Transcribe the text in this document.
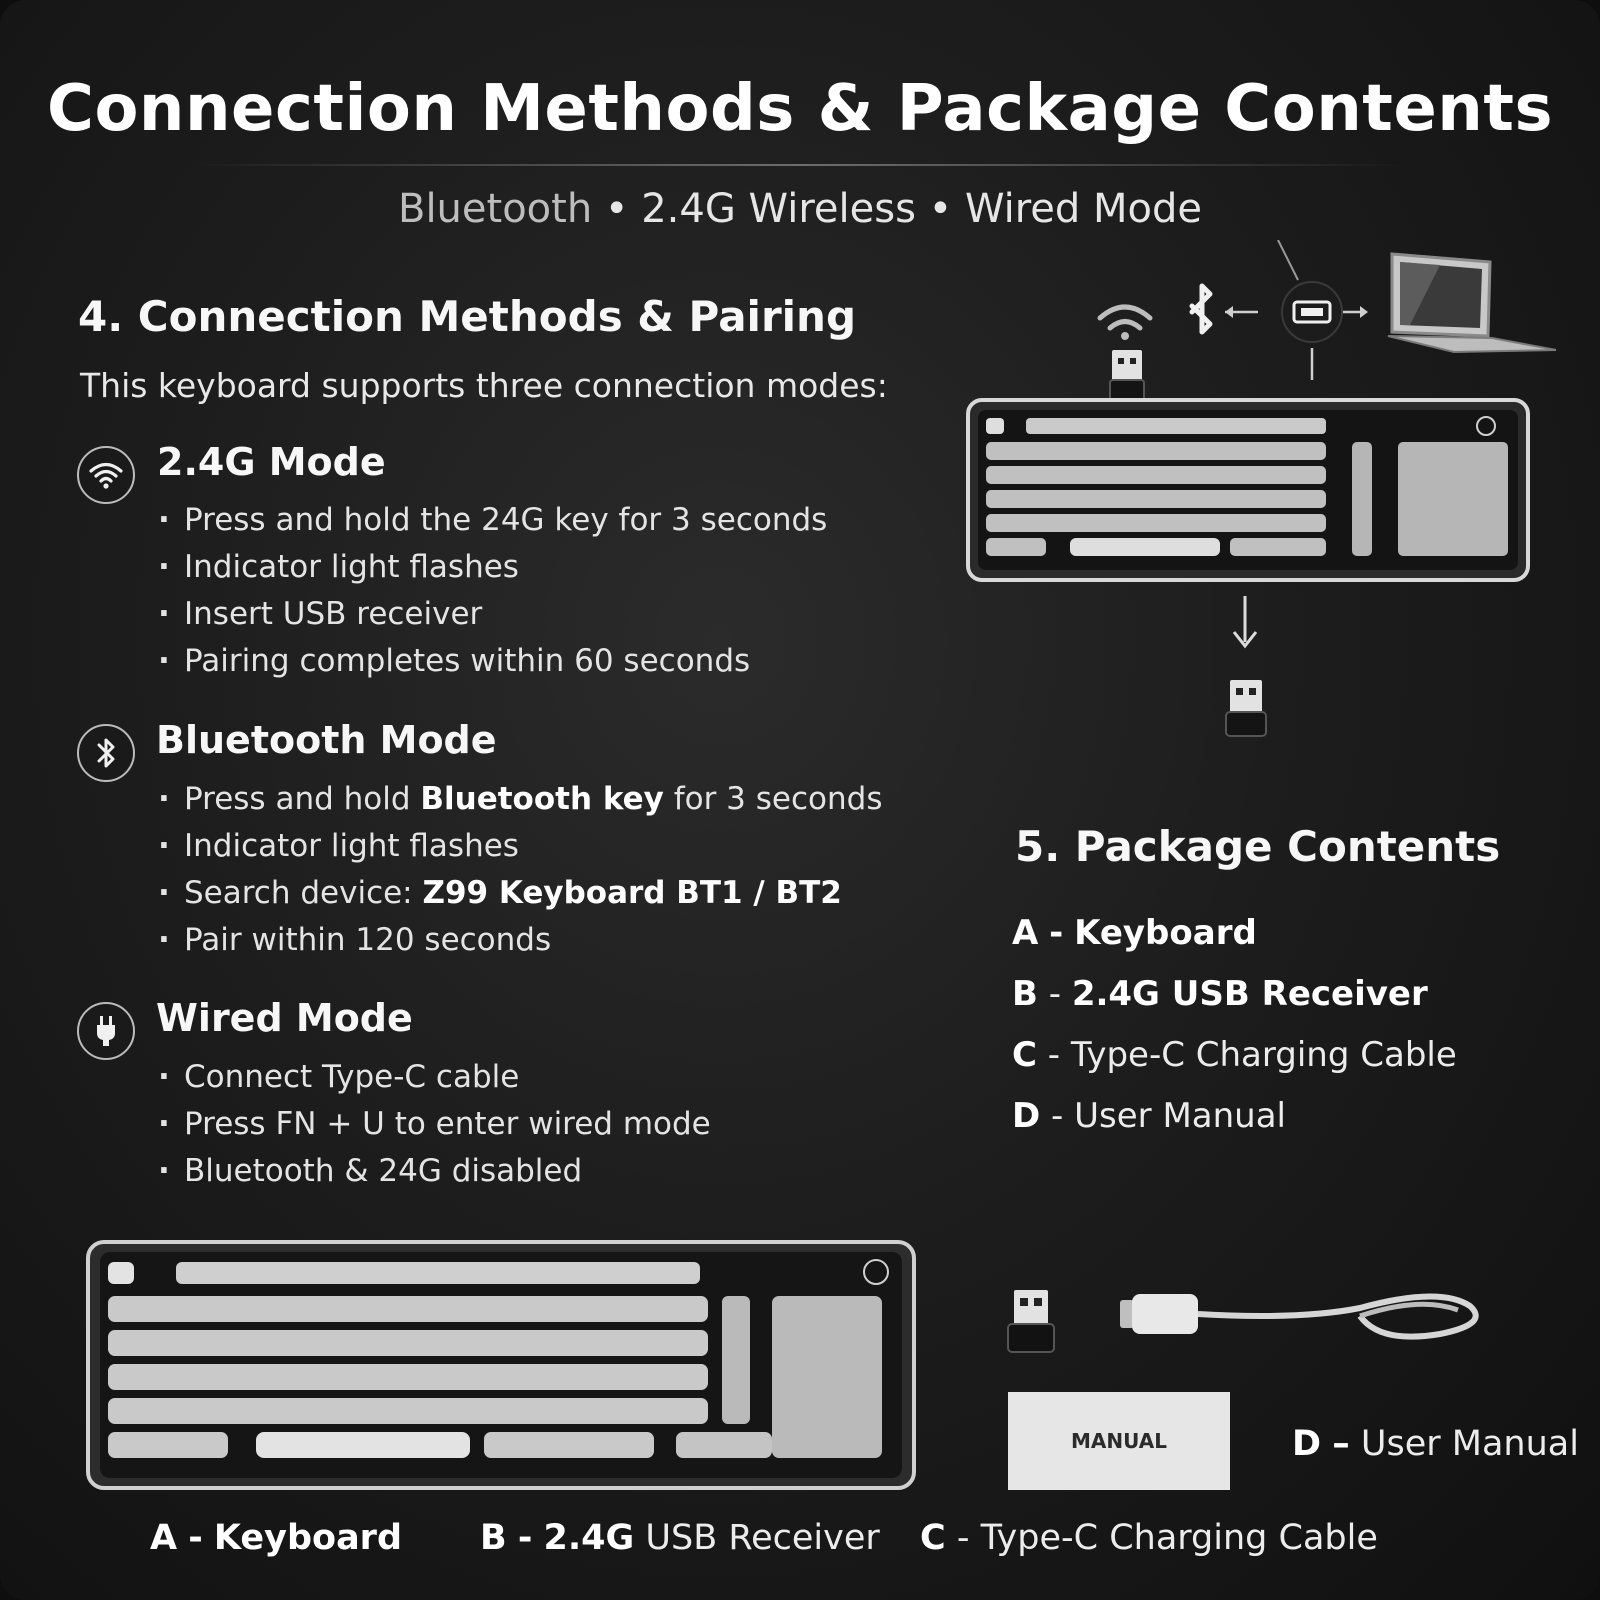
Connection Methods & Package Contents
Bluetooth • 2.4G Wireless • Wired Mode
4. Connection Methods & Pairing
This keyboard supports three connection modes:
2.4G Mode
· Press and hold the 24G key for 3 seconds
· Indicator light flashes
· Insert USB receiver
· Pairing completes within 60 seconds
Bluetooth Mode
· Press and hold Bluetooth key for 3 seconds
· Indicator light flashes
· Search device: Z99 Keyboard BT1 / BT2
· Pair within 120 seconds
Wired Mode
· Connect Type-C cable
· Press FN + U to enter wired mode
· Bluetooth & 24G disabled
5. Package Contents
A - Keyboard
B - 2.4G USB Receiver
C - Type-C Charging Cable
D - User Manual
MANUAL	D – User Manual
A - Keyboard B - 2.4G USB Receiver C - Type-C Charging Cable
